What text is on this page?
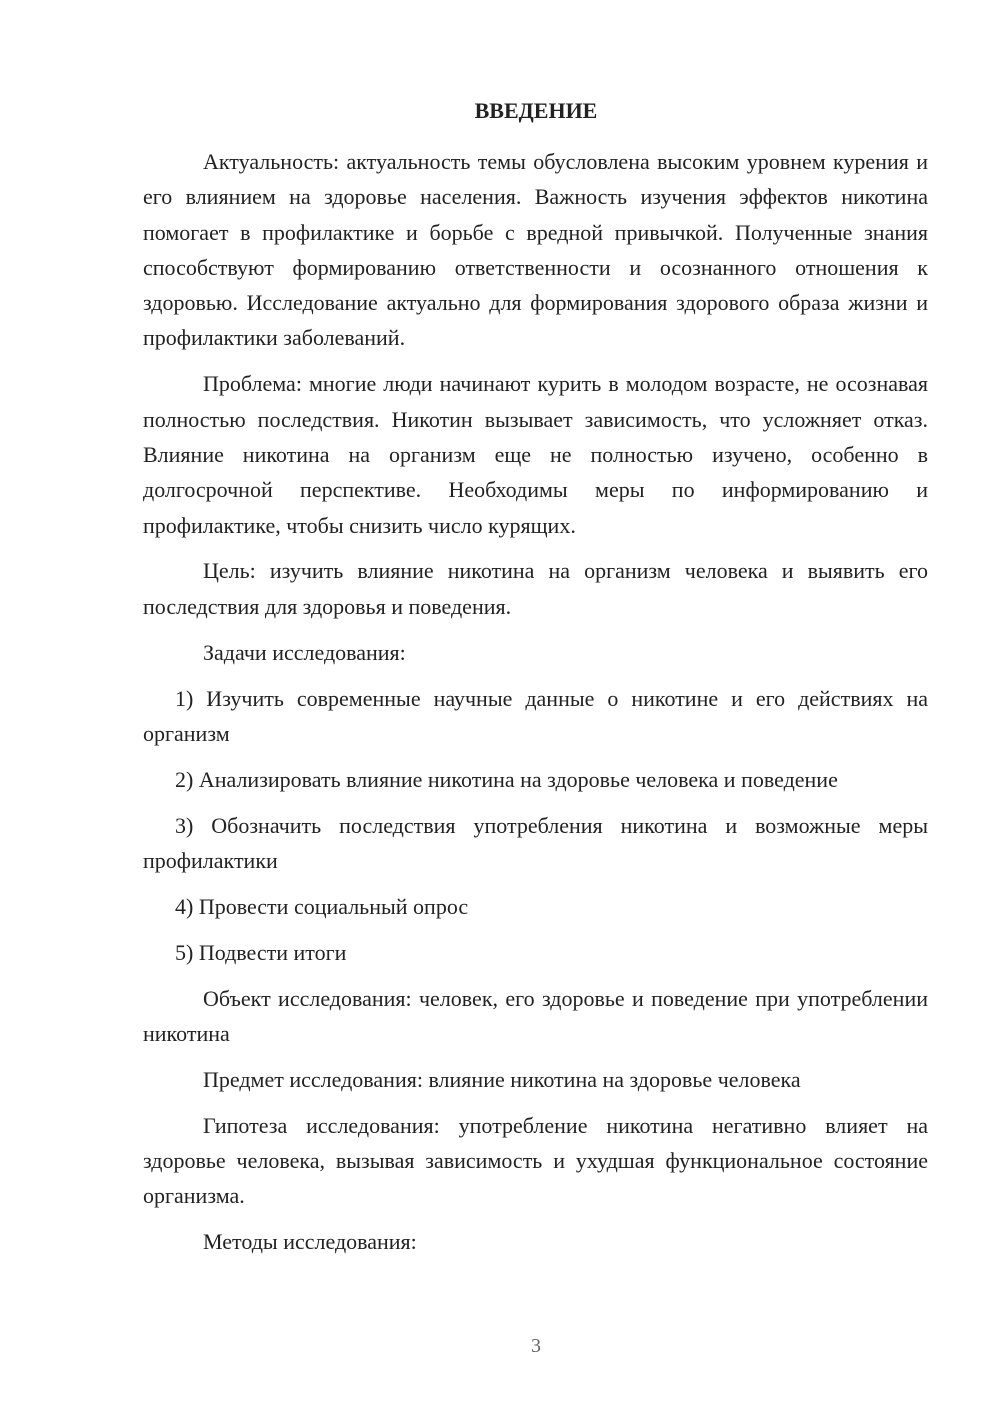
ВВЕДЕНИЕ

Актуальность: актуальность темы обусловлена высоким уровнем курения и его влиянием на здоровье населения. Важность изучения эффектов никотина помогает в профилактике и борьбе с вредной привычкой. Полученные знания способствуют формированию ответственности и осознанного отношения к здоровью. Исследование актуально для формирования здорового образа жизни и профилактики заболеваний.

Проблема: многие люди начинают курить в молодом возрасте, не осознавая полностью последствия. Никотин вызывает зависимость, что усложняет отказ. Влияние никотина на организм еще не полностью изучено, особенно в долгосрочной перспективе. Необходимы меры по информированию и профилактике, чтобы снизить число курящих.

Цель: изучить влияние никотина на организм человека и выявить его последствия для здоровья и поведения.

Задачи исследования:

1) Изучить современные научные данные о никотине и его действиях на организм

2) Анализировать влияние никотина на здоровье человека и поведение

3) Обозначить последствия употребления никотина и возможные меры профилактики

4) Провести социальный опрос

5) Подвести итоги

Объект исследования: человек, его здоровье и поведение при употреблении никотина

Предмет исследования: влияние никотина на здоровье человека

Гипотеза исследования: употребление никотина негативно влияет на здоровье человека, вызывая зависимость и ухудшая функциональное состояние организма.

Методы исследования:

3
